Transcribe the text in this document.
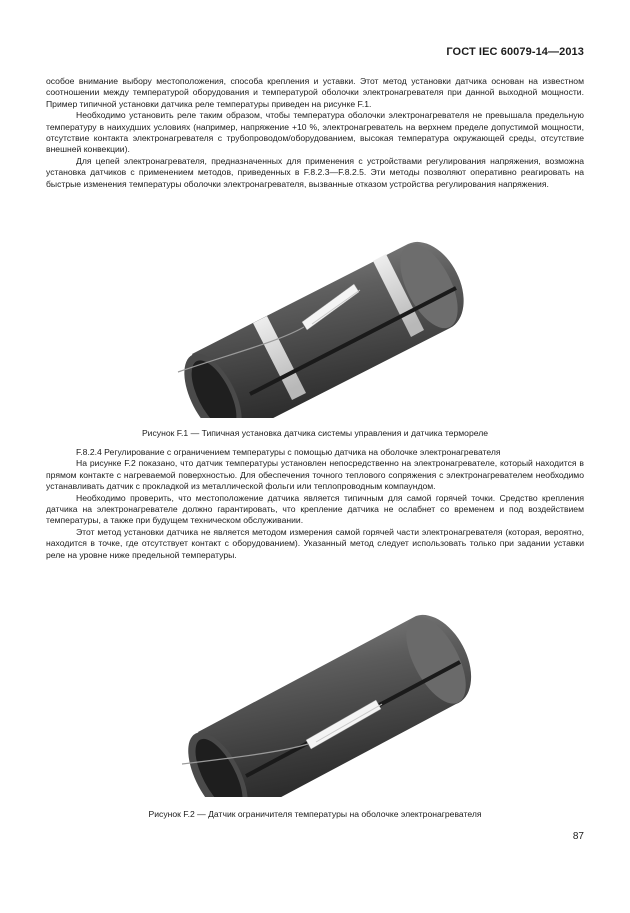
ГОСТ IEC 60079-14—2013

особое внимание выбору местоположения, способа крепления и уставки. Этот метод установки датчика основан на известном соотношении между температурой оборудования и температурой оболочки электронагревателя при данной выходной мощности. Пример типичной установки датчика реле температуры приведен на рисунке F.1.

Необходимо установить реле таким образом, чтобы температура оболочки электронагревателя не превышала предельную температуру в наихудших условиях (например, напряжение +10 %, электронагреватель на верхнем пределе допустимой мощности, отсутствие контакта электронагревателя с трубопроводом/оборудованием, высокая температура окружающей среды, отсутствие внешней конвекции).

Для цепей электронагревателя, предназначенных для применения с устройствами регулирования напряжения, возможна установка датчиков с применением методов, приведенных в F.8.2.3—F.8.2.5. Эти методы позволяют оперативно реагировать на быстрые изменения температуры оболочки электронагревателя, вызванные отказом устройства регулирования напряжения.

Рисунок F.1 — Типичная установка датчика системы управления и датчика термореле

F.8.2.4 Регулирование с ограничением температуры с помощью датчика на оболочке электронагревателя

На рисунке F.2 показано, что датчик температуры установлен непосредственно на электронагревателе, который находится в прямом контакте с нагреваемой поверхностью. Для обеспечения точного теплового сопряжения с электронагревателем необходимо устанавливать датчик с прокладкой из металлической фольги или теплопроводным компаундом.

Необходимо проверить, что местоположение датчика является типичным для самой горячей точки. Средство крепления датчика на электронагревателе должно гарантировать, что крепление датчика не ослабнет со временем и под воздействием температуры, а также при будущем техническом обслуживании.

Этот метод установки датчика не является методом измерения самой горячей части электронагревателя (которая, вероятно, находится в точке, где отсутствует контакт с оборудованием). Указанный метод следует использовать только при задании уставки реле на уровне ниже предельной температуры.

Рисунок F.2 — Датчик ограничителя температуры на оболочке электронагревателя
87
